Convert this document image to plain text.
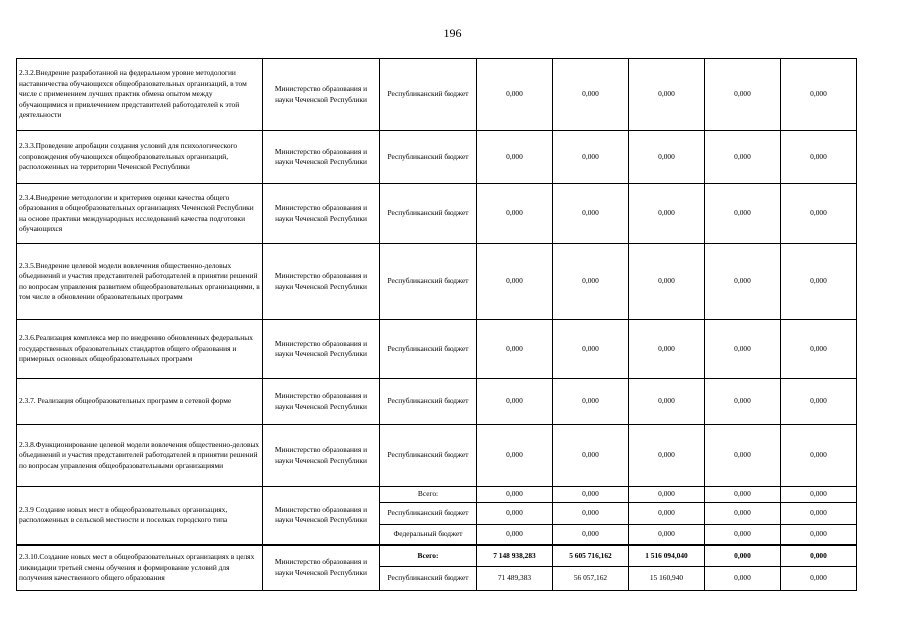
196
2.3.2.Внедрение разработанной на федеральном уровне методологии наставничества обучающихся общеобразовательных организаций, в том числе с применением лучших практик обмена опытом между обучающимися и привлечением представителей работодателей к этой деятельности	Министерство образования и науки Чеченской Республики	Республиканский бюджет	0,000	0,000	0,000	0,000	0,000
2.3.3.Проведение апробации создания условий для психологического сопровождения обучающихся общеобразовательных организаций, расположенных на территории Чеченской Республики	Министерство образования и науки Чеченской Республики	Республиканский бюджет	0,000	0,000	0,000	0,000	0,000
2.3.4.Внедрение методологии и критериев оценки качества общего образования в общеобразовательных организациях Чеченской Республики на основе практики международных исследований качества подготовки обучающихся	Министерство образования и науки Чеченской Республики	Республиканский бюджет	0,000	0,000	0,000	0,000	0,000
2.3.5.Внедрение целевой модели вовлечения общественно-деловых объединений и участия представителей работодателей в принятии решений по вопросам управления развитием общеобразовательных организациями, в том числе в обновлении образовательных программ	Министерство образования и науки Чеченской Республики	Республиканский бюджет	0,000	0,000	0,000	0,000	0,000
2.3.6.Реализация комплекса мер по внедрению обновленных федеральных государственных образовательных стандартов общего образования и примерных основных общеобразовательных программ	Министерство образования и науки Чеченской Республики	Республиканский бюджет	0,000	0,000	0,000	0,000	0,000
2.3.7. Реализация общеобразовательных программ в сетевой форме	Министерство образования и науки Чеченской Республики	Республиканский бюджет	0,000	0,000	0,000	0,000	0,000
2.3.8.Функционирование целевой модели вовлечения общественно-деловых объединений и участия представителей работодателей в принятии решений по вопросам управления общеобразовательными организациями	Министерство образования и науки Чеченской Республики	Республиканский бюджет	0,000	0,000	0,000	0,000	0,000
2.3.9 Создание новых мест в общеобразовательных организациях, расположенных в сельской местности и поселках городского типа	Министерство образования и науки Чеченской Республики	Всего:	0,000	0,000	0,000	0,000	0,000
		Республиканский бюджет	0,000	0,000	0,000	0,000	0,000
		Федеральный бюджет	0,000	0,000	0,000	0,000	0,000
2.3.10.Создание новых мест в общеобразовательных организациях в целях ликвидации третьей смены обучения и формирование условий для получения качественного общего образования	Министерство образования и науки Чеченской Республики	Всего:	7 148 938,283	5 605 716,162	1 516 094,040	0,000	0,000
		Республиканский бюджет	71 489,383	56 057,162	15 160,940	0,000	0,000
